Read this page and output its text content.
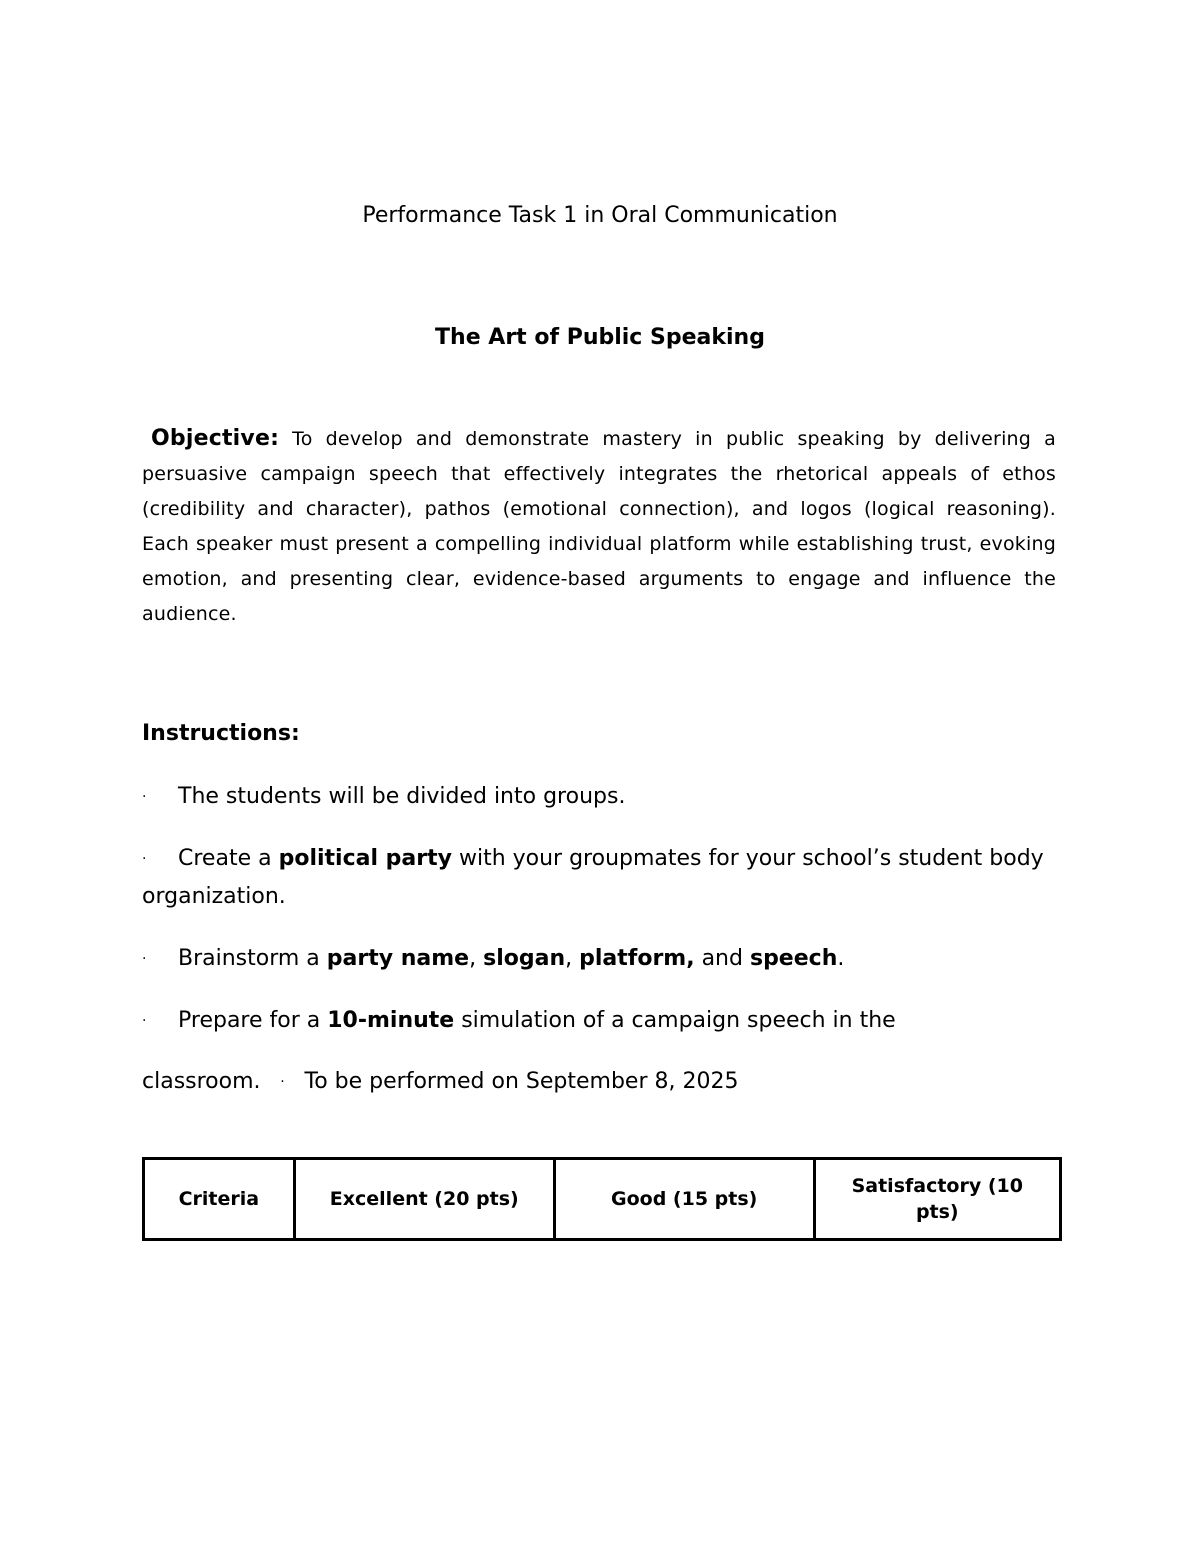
Performance Task 1 in Oral Communication
The Art of Public Speaking

Objective: To develop and demonstrate mastery in public speaking by delivering a persuasive campaign speech that effectively integrates the rhetorical appeals of ethos (credibility and character), pathos (emotional connection), and logos (logical reasoning). Each speaker must present a compelling individual platform while establishing trust, evoking emotion, and presenting clear, evidence-based arguments to engage and influence the audience.

Instructions:
· The students will be divided into groups.
· Create a political party with your groupmates for your school’s student body organization.
· Brainstorm a party name, slogan, platform, and speech.
· Prepare for a 10-minute simulation of a campaign speech in the
classroom. · To be performed on September 8, 2025
Criteria	Excellent (20 pts)	Good (15 pts)	Satisfactory (10 pts)
